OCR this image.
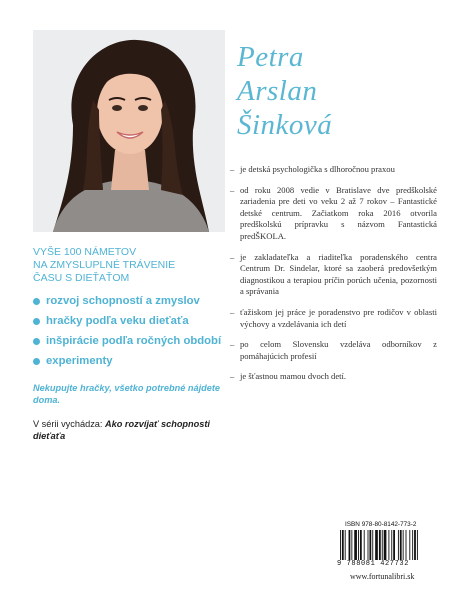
Petra
Arslan
Šinková
– je detská psychologička s dlhoročnou praxou
– od roku 2008 vedie v Bratislave dve predškolské zariadenia pre deti vo veku 2 až 7 rokov – Fantastické detské centrum. Začiatkom roka 2016 otvorila predškolskú prípravku s názvom Fantastická predŠKOLA.
– je zakladateľka a riaditeľka poradenského centra Centrum Dr. Sindelar, ktoré sa zaoberá predovšetkým diagnostikou a terapiou príčin porúch učenia, pozornosti a správania
– ťažiskom jej práce je poradenstvo pre rodičov v oblasti výchovy a vzdelávania ich detí
– po celom Slovensku vzdeláva odborníkov z pomáhajúcich profesií
– je šťastnou mamou dvoch detí.
VYŠE 100 NÁMETOV
NA ZMYSLUPLNÉ TRÁVENIE
ČASU S DIEŤAŤOM
rozvoj schopností a zmyslov
hračky podľa veku dieťaťa
inšpirácie podľa ročných období
experimenty
Nekupujte hračky, všetko potrebné nájdete doma.
V sérii vychádza: Ako rozvíjať schopnosti dieťaťa
ISBN 978-80-8142-773-2
9 788081 427732
www.fortunalibri.sk
